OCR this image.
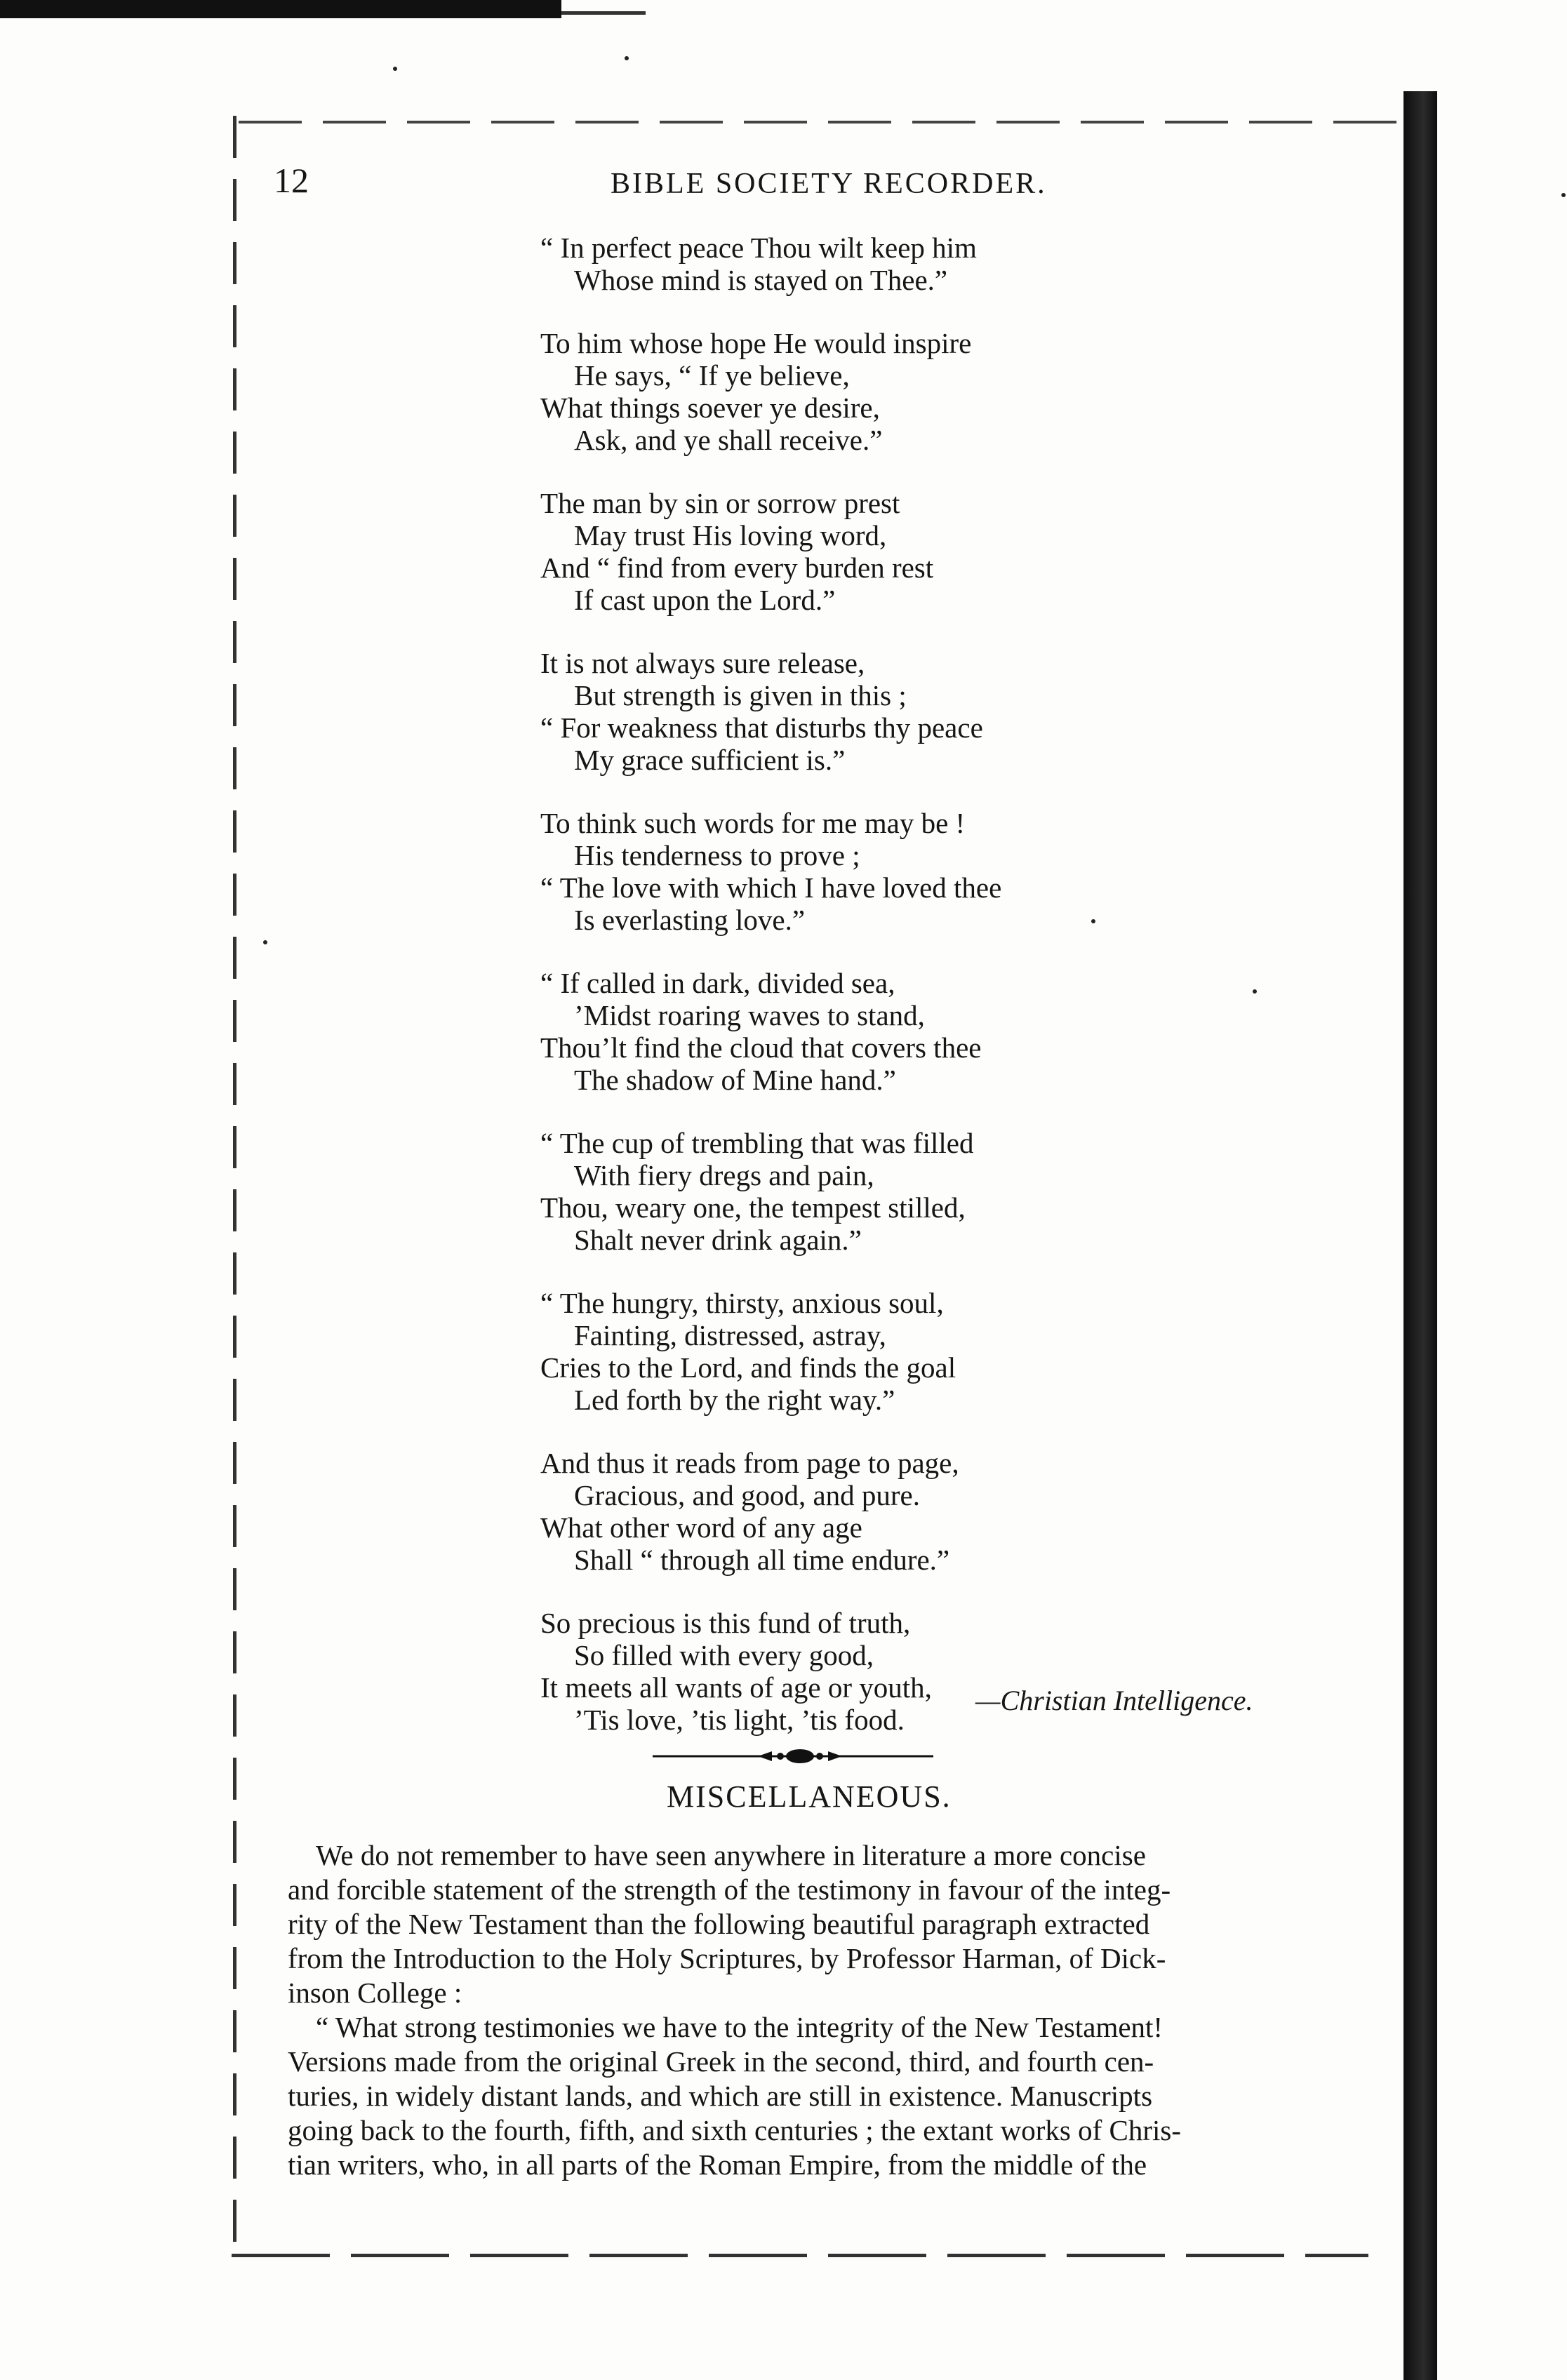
12	BIBLE SOCIETY RECORDER.
“ In perfect peace Thou wilt keep him
Whose mind is stayed on Thee.”
To him whose hope He would inspire
He says, “ If ye believe,
What things soever ye desire,
Ask, and ye shall receive.”
The man by sin or sorrow prest
May trust His loving word,
And “ find from every burden rest
If cast upon the Lord.”
It is not always sure release,
But strength is given in this ;
“ For weakness that disturbs thy peace
My grace sufficient is.”
To think such words for me may be !
His tenderness to prove ;
“ The love with which I have loved thee
Is everlasting love.”
“ If called in dark, divided sea,
’Midst roaring waves to stand,
Thou’lt find the cloud that covers thee
The shadow of Mine hand.”
“ The cup of trembling that was filled
With fiery dregs and pain,
Thou, weary one, the tempest stilled,
Shalt never drink again.”
“ The hungry, thirsty, anxious soul,
Fainting, distressed, astray,
Cries to the Lord, and finds the goal
Led forth by the right way.”
And thus it reads from page to page,
Gracious, and good, and pure.
What other word of any age
Shall “ through all time endure.”
So precious is this fund of truth,
So filled with every good,
It meets all wants of age or youth,
’Tis love, ’tis light, ’tis food.
—Christian Intelligence.
MISCELLANEOUS.
We do not remember to have seen anywhere in literature a more concise
and forcible statement of the strength of the testimony in favour of the integ-
rity of the New Testament than the following beautiful paragraph extracted
from the Introduction to the Holy Scriptures, by Professor Harman, of Dick-
inson College :
“ What strong testimonies we have to the integrity of the New Testament!
Versions made from the original Greek in the second, third, and fourth cen-
turies, in widely distant lands, and which are still in existence. Manuscripts
going back to the fourth, fifth, and sixth centuries ; the extant works of Chris-
tian writers, who, in all parts of the Roman Empire, from the middle of the
